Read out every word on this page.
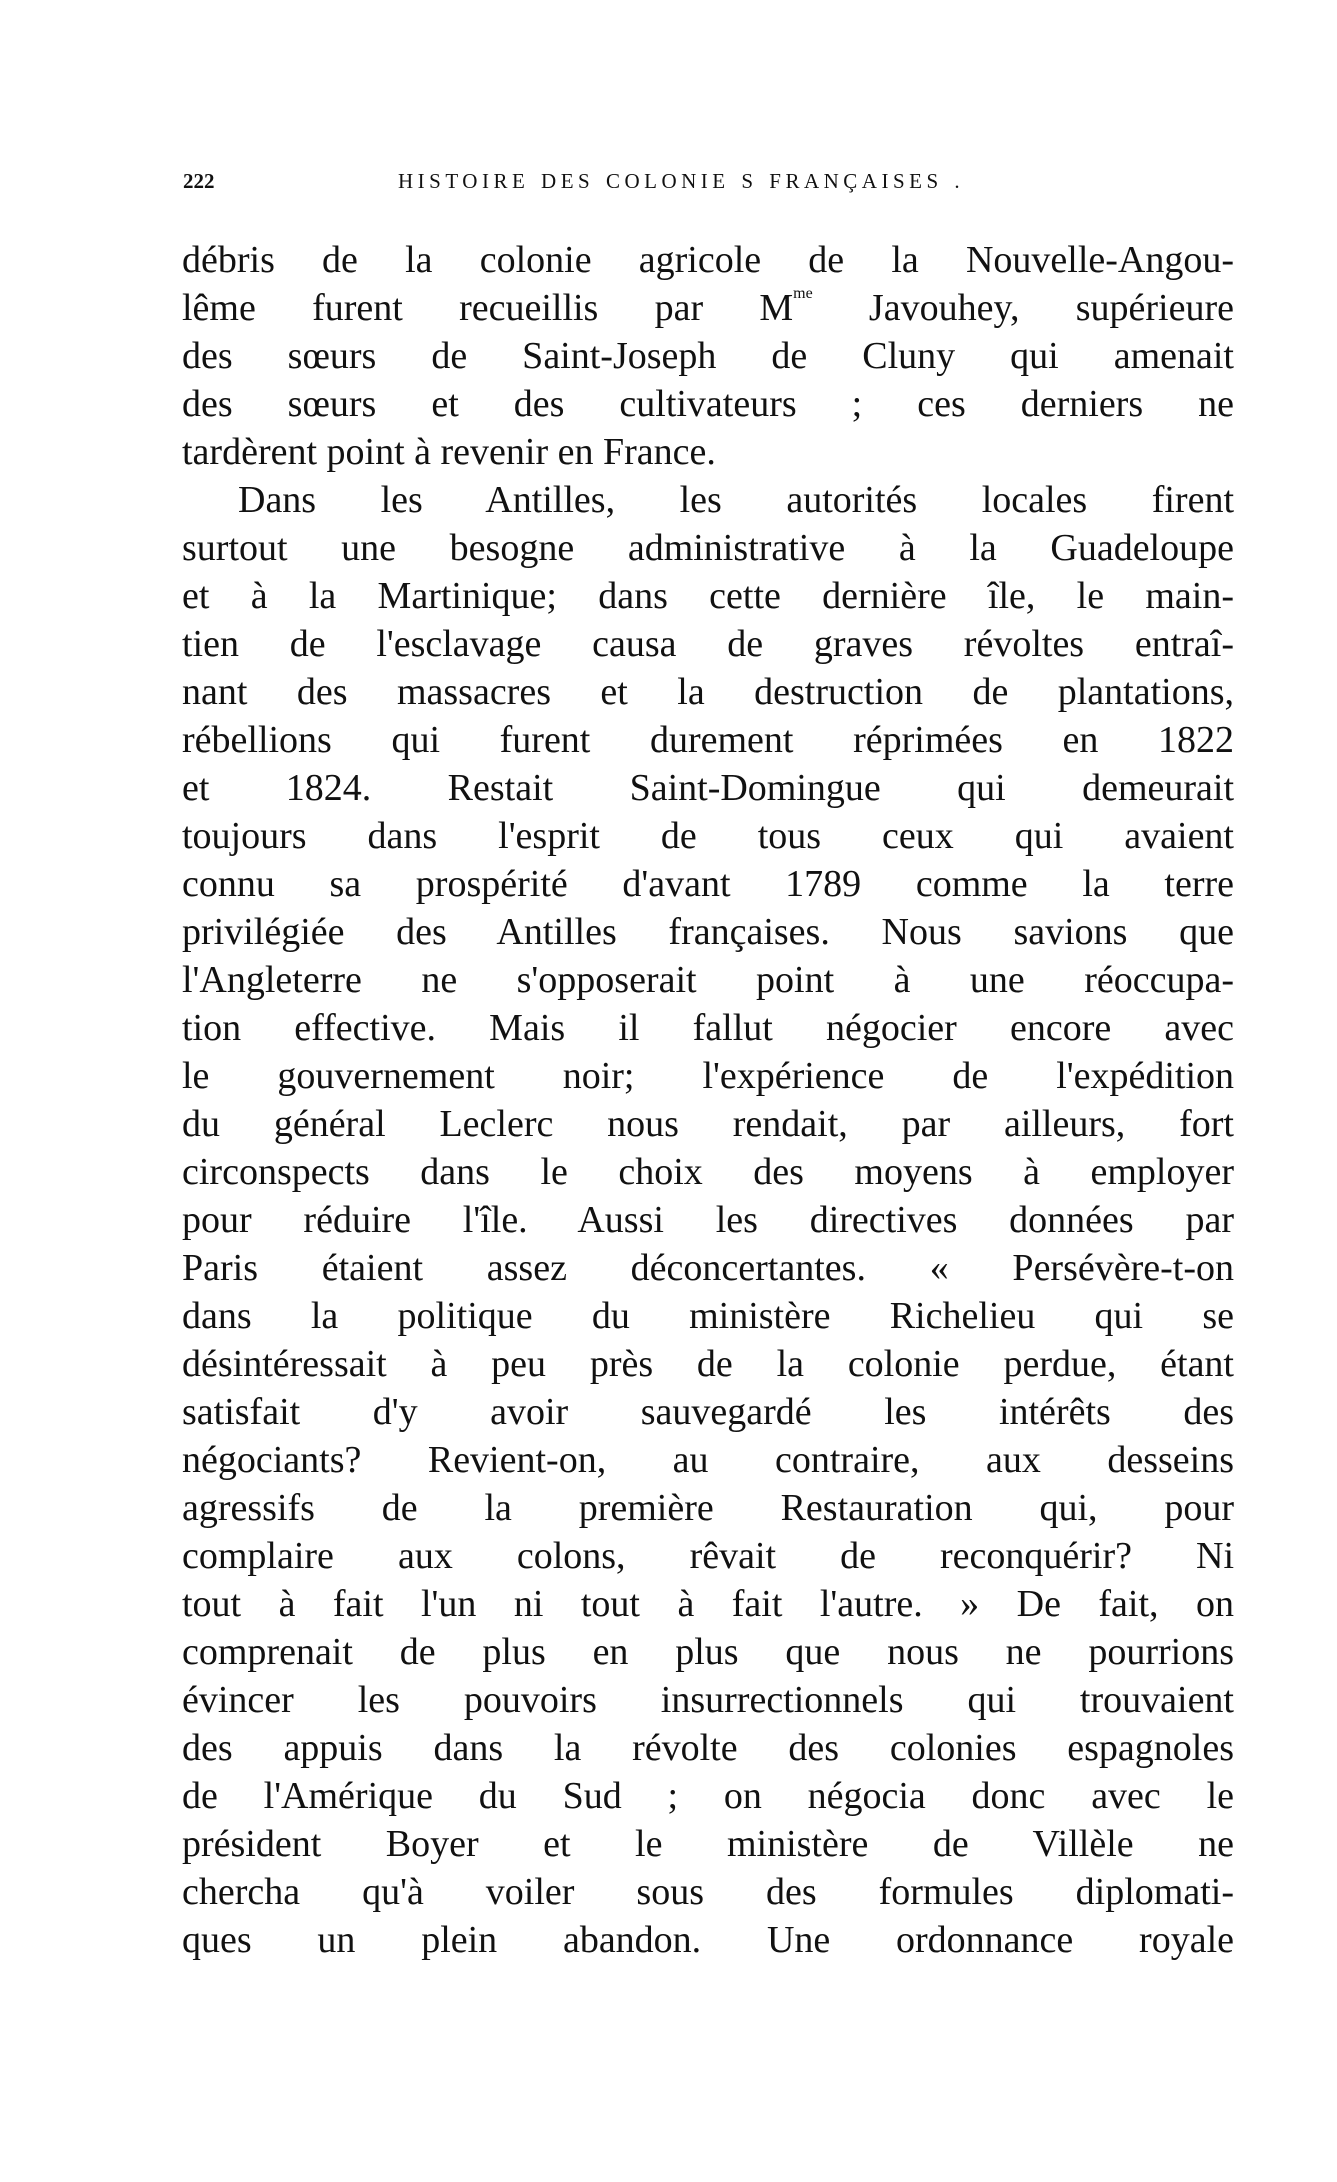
222	HISTOIRE DES COLONIE S FRANÇAISES .
débris de la colonie agricole de la Nouvelle-Angou-
lême furent recueillis par $M^{me}$ Javouhey, supérieure
des sœurs de Saint-Joseph de Cluny qui amenait
des sœurs et des cultivateurs ; ces derniers ne
tardèrent point à revenir en France.
Dans les Antilles, les autorités locales firent
surtout une besogne administrative à la Guadeloupe
et à la Martinique; dans cette dernière île, le main-
tien de l'esclavage causa de graves révoltes entraî-
nant des massacres et la destruction de plantations,
rébellions qui furent durement réprimées en 1822
et 1824. Restait Saint-Domingue qui demeurait
toujours dans l'esprit de tous ceux qui avaient
connu sa prospérité d'avant 1789 comme la terre
privilégiée des Antilles françaises. Nous savions que
l'Angleterre ne s'opposerait point à une réoccupa-
tion effective. Mais il fallut négocier encore avec
le gouvernement noir; l'expérience de l'expédition
du général Leclerc nous rendait, par ailleurs, fort
circonspects dans le choix des moyens à employer
pour réduire l'île. Aussi les directives données par
Paris étaient assez déconcertantes. « Persévère-t-on
dans la politique du ministère Richelieu qui se
désintéressait à peu près de la colonie perdue, étant
satisfait d'y avoir sauvegardé les intérêts des
négociants? Revient-on, au contraire, aux desseins
agressifs de la première Restauration qui, pour
complaire aux colons, rêvait de reconquérir? Ni
tout à fait l'un ni tout à fait l'autre. » De fait, on
comprenait de plus en plus que nous ne pourrions
évincer les pouvoirs insurrectionnels qui trouvaient
des appuis dans la révolte des colonies espagnoles
de l'Amérique du Sud ; on négocia donc avec le
président Boyer et le ministère de Villèle ne
chercha qu'à voiler sous des formules diplomati-
ques un plein abandon. Une ordonnance royale
